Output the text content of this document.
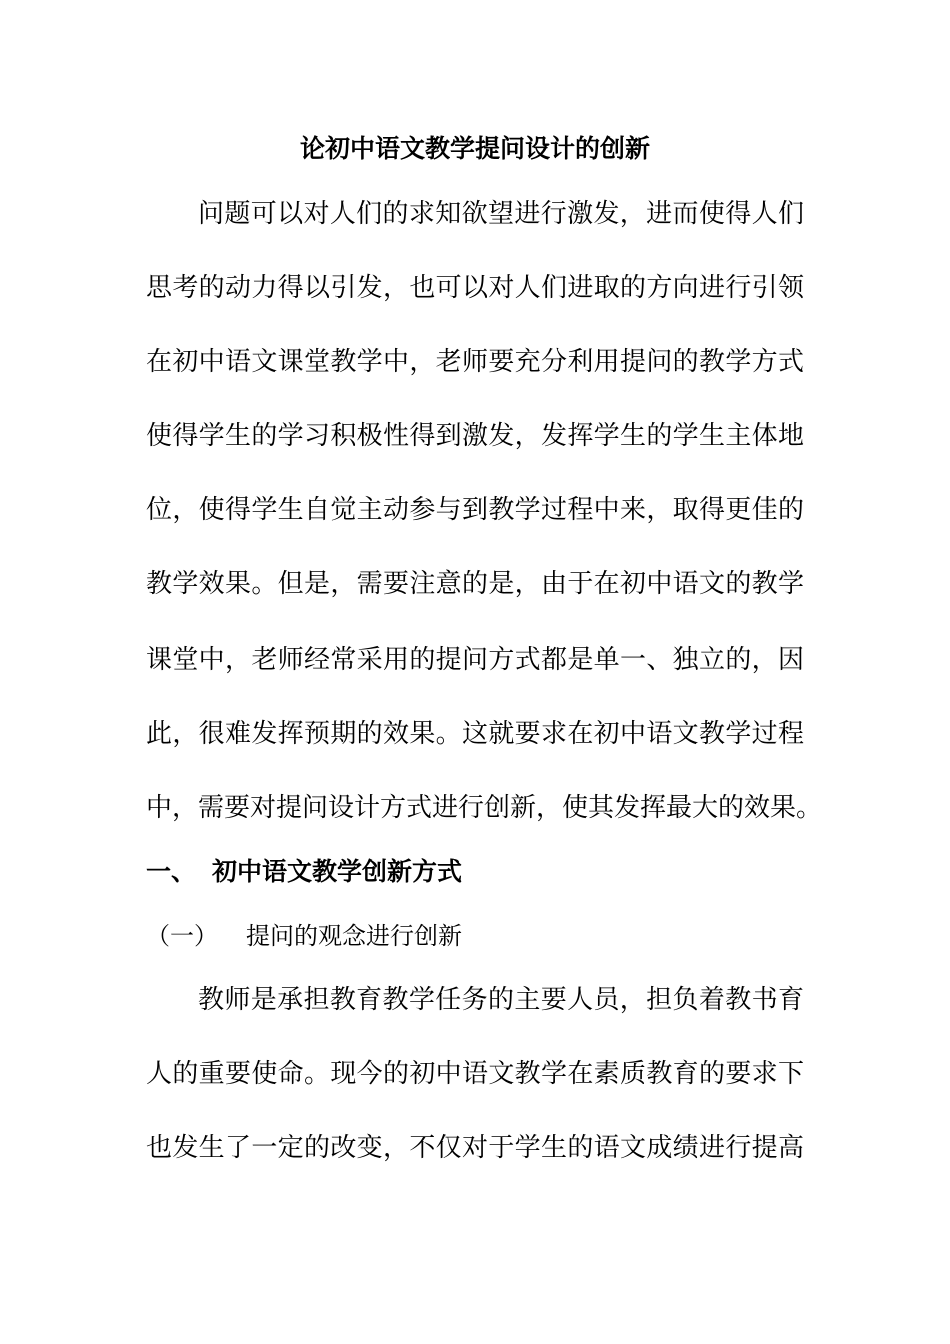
论初中语文教学提问设计的创新
问题可以对人们的求知欲望进行激发，进而使得人们
思考的动力得以引发，也可以对人们进取的方向进行引领
在初中语文课堂教学中，老师要充分利用提问的教学方式
使得学生的学习积极性得到激发，发挥学生的学生主体地
位，使得学生自觉主动参与到教学过程中来，取得更佳的
教学效果。但是，需要注意的是，由于在初中语文的教学
课堂中，老师经常采用的提问方式都是单一、独立的，因
此，很难发挥预期的效果。这就要求在初中语文教学过程
中，需要对提问设计方式进行创新，使其发挥最大的效果。
一、 初中语文教学创新方式
（一） 提问的观念进行创新
教师是承担教育教学任务的主要人员，担负着教书育
人的重要使命。现今的初中语文教学在素质教育的要求下
也发生了一定的改变，不仅对于学生的语文成绩进行提高
